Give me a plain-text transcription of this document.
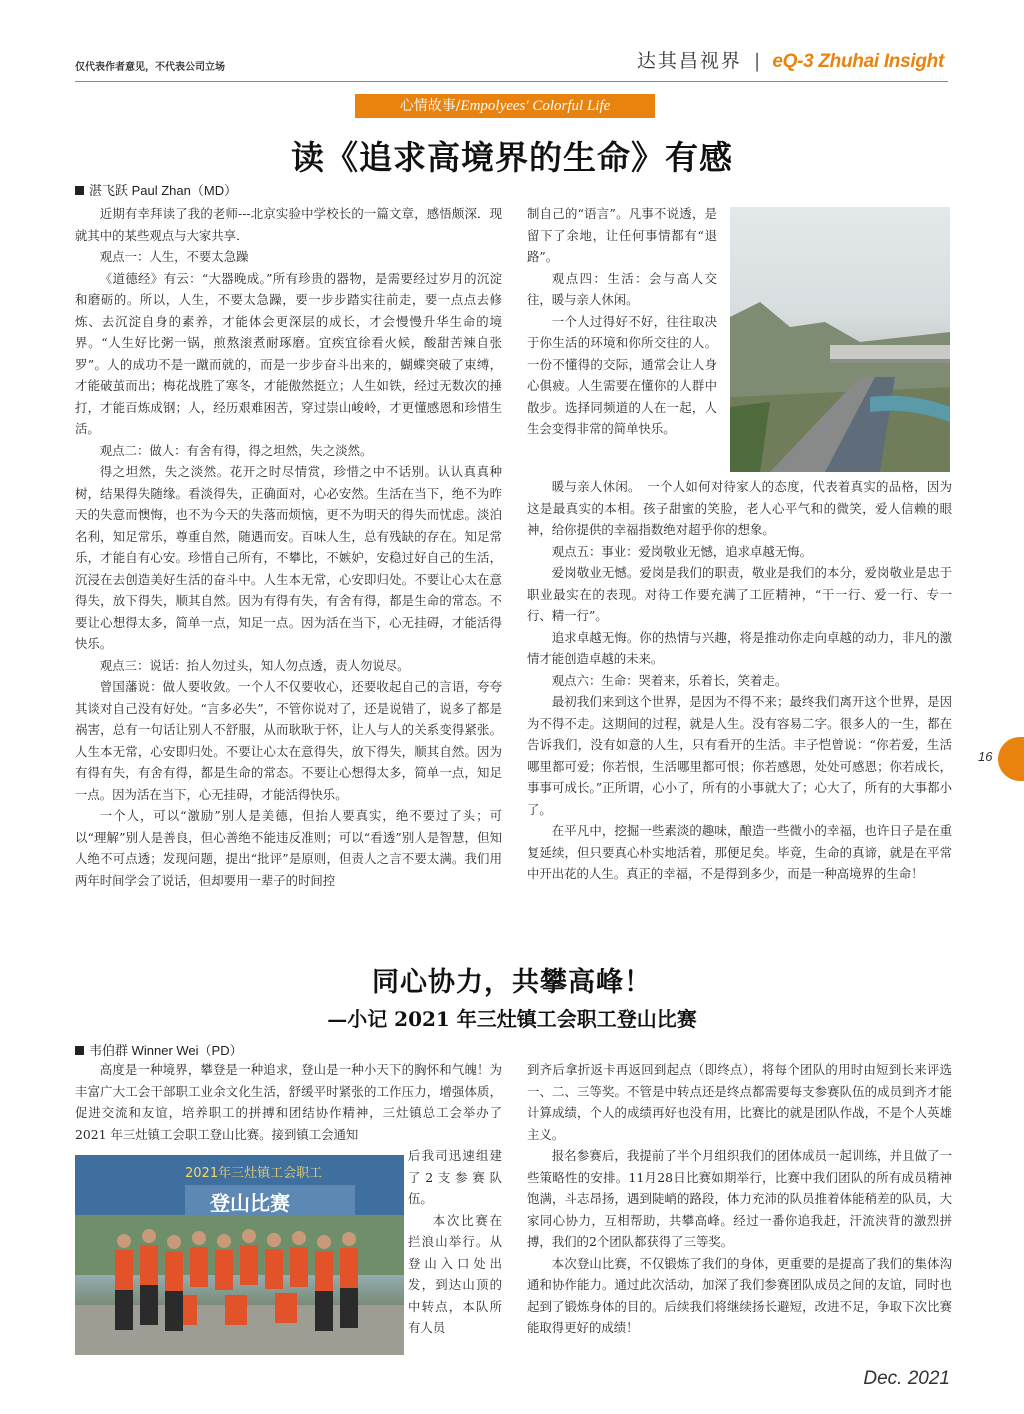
仅代表作者意见，不代表公司立场	达其昌视界 | eQ-3 Zhuhai Insight
心情故事/Empolyees' Colorful Life
读《追求高境界的生命》有感
湛飞跃 Paul Zhan（MD）

近期有幸拜读了我的老师---北京实验中学校长的一篇文章，感悟颇深．现就其中的某些观点与大家共享．

观点一：人生，不要太急躁

《道德经》有云：“大器晚成。”所有珍贵的器物，是需要经过岁月的沉淀和磨砺的。所以，人生，不要太急躁，要一步步踏实往前走，要一点点去修炼、去沉淀自身的素养，才能体会更深层的成长，才会慢慢升华生命的境界。“人生好比粥一锅，煎熬滚煮耐琢磨。宜疾宜徐看火候，酸甜苦辣自张罗”。人的成功不是一蹴而就的，而是一步步奋斗出来的，蝴蝶突破了束缚，才能破茧而出；梅花战胜了寒冬，才能傲然挺立；人生如铁，经过无数次的捶打，才能百炼成钢；人，经历艰难困苦，穿过崇山峻岭，才更懂感恩和珍惜生活。

观点二：做人：有舍有得，得之坦然，失之淡然。

得之坦然，失之淡然。花开之时尽情赏，珍惜之中不话别。认认真真种树，结果得失随缘。看淡得失，正确面对，心必安然。生活在当下，绝不为昨天的失意而懊悔，也不为今天的失落而烦恼，更不为明天的得失而忧虑。淡泊名利，知足常乐，尊重自然，随遇而安。百味人生，总有残缺的存在。知足常乐，才能自有心安。珍惜自己所有，不攀比，不嫉妒，安稳过好自己的生活，沉浸在去创造美好生活的奋斗中。人生本无常，心安即归处。不要让心太在意得失，放下得失，顺其自然。因为有得有失，有舍有得，都是生命的常态。不要让心想得太多，简单一点，知足一点。因为活在当下，心无挂碍，才能活得快乐。

观点三：说话：抬人勿过头，知人勿点透，责人勿说尽。

曾国藩说：做人要收敛。一个人不仅要收心，还要收起自己的言语，夸夸其谈对自己没有好处。“言多必失”，不管你说对了，还是说错了，说多了都是祸害，总有一句话让别人不舒服，从而耿耿于怀，让人与人的关系变得紧张。人生本无常，心安即归处。不要让心太在意得失，放下得失，顺其自然。因为有得有失，有舍有得，都是生命的常态。不要让心想得太多，简单一点，知足一点。因为活在当下，心无挂碍，才能活得快乐。

一个人，可以“激励”别人是美德，但抬人要真实，绝不要过了头；可以“理解”别人是善良，但心善绝不能违反准则；可以“看透”别人是智慧，但知人绝不可点透；发现问题，提出“批评”是原则，但责人之言不要太满。我们用两年时间学会了说话，但却要用一辈子的时间控

制自己的“语言”。凡事不说透，是留下了余地，让任何事情都有“退路”。

观点四：生活：会与高人交往，暖与亲人休闲。

一个人过得好不好，往往取决于你生活的环境和你所交往的人。一份不懂得的交际，通常会让人身心俱疲。人生需要在懂你的人群中散步。选择同频道的人在一起，人生会变得非常的简单快乐。

暖与亲人休闲。　一个人如何对待家人的态度，代表着真实的品格，因为这是最真实的本相。孩子甜蜜的笑脸，老人心平气和的微笑，爱人信赖的眼神，给你提供的幸福指数绝对超乎你的想象。

观点五：事业：爱岗敬业无憾，追求卓越无悔。

爱岗敬业无憾。爱岗是我们的职责，敬业是我们的本分，爱岗敬业是忠于职业最实在的表现。对待工作要充满了工匠精神，“干一行、爱一行、专一行、精一行”。

追求卓越无悔。你的热情与兴趣，将是推动你走向卓越的动力，非凡的激情才能创造卓越的未来。

观点六：生命：哭着来，乐着长，笑着走。

最初我们来到这个世界，是因为不得不来；最终我们离开这个世界，是因为不得不走。这期间的过程，就是人生。没有容易二字。很多人的一生，都在告诉我们，没有如意的人生，只有看开的生活。丰子恺曾说：“你若爱，生活哪里都可爱；你若恨，生活哪里都可恨；你若感恩，处处可感恩；你若成长，事事可成长。”正所谓，心小了，所有的小事就大了；心大了，所有的大事都小了。

在平凡中，挖掘一些素淡的趣味，酿造一些微小的幸福，也许日子是在重复延续，但只要真心朴实地活着，那便足矣。毕竟，生命的真谛，就是在平常中开出花的人生。真正的幸福，不是得到多少，而是一种高境界的生命！

16
同心协力，共攀高峰！
—小记 2021 年三灶镇工会职工登山比赛
韦伯群 Winner Wei（PD）

高度是一种境界，攀登是一种追求，登山是一种小天下的胸怀和气魄！为丰富广大工会干部职工业余文化生活，舒缓平时紧张的工作压力，增强体质，促进交流和友谊，培养职工的拼搏和团结协作精神，三灶镇总工会举办了2021 年三灶镇工会职工登山比赛。接到镇工会通知

2021年三灶镇工会职工
登山比赛

后我司迅速组建了2支参赛队伍。

本次比赛在拦浪山举行。从登山入口处出发，到达山顶的中转点，本队所有人员

到齐后拿折返卡再返回到起点（即终点），将每个团队的用时由短到长来评选一、二、三等奖。不管是中转点还是终点都需要每支参赛队伍的成员到齐才能计算成绩，个人的成绩再好也没有用，比赛比的就是团队作战，不是个人英雄主义。

报名参赛后，我提前了半个月组织我们的团体成员一起训练，并且做了一些策略性的安排。11月28日比赛如期举行，比赛中我们团队的所有成员精神饱满，斗志昂扬，遇到陡峭的路段，体力充沛的队员推着体能稍差的队员，大家同心协力，互相帮助，共攀高峰。经过一番你追我赶，汗流浃背的激烈拼搏，我们的2个团队都获得了三等奖。

本次登山比赛，不仅锻炼了我们的身体，更重要的是提高了我们的集体沟通和协作能力。通过此次活动，加深了我们参赛团队成员之间的友谊，同时也起到了锻炼身体的目的。后续我们将继续扬长避短，改进不足，争取下次比赛能取得更好的成绩！

Dec. 2021
